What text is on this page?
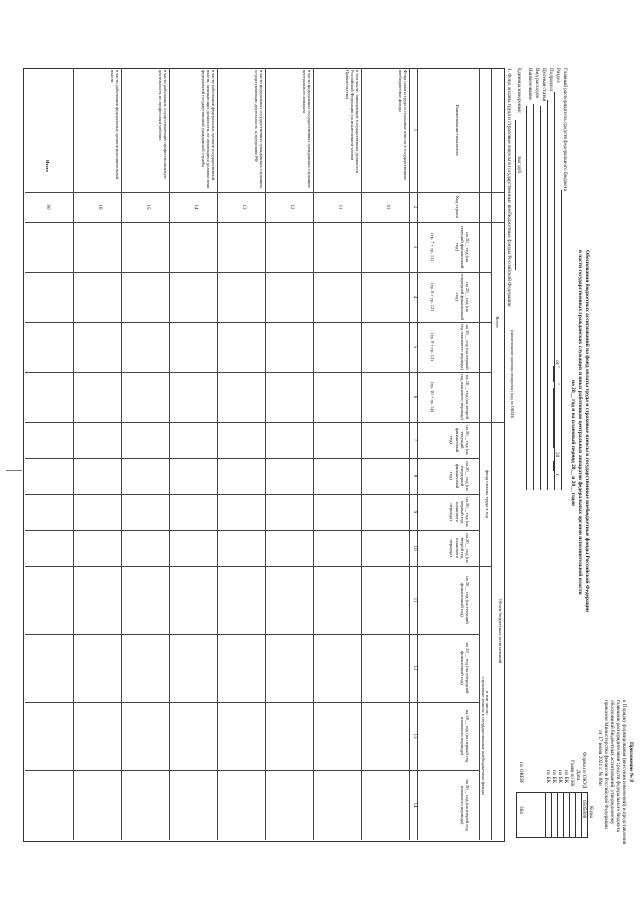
Приложение № 8
к Порядку формирования (внесения изменений) и представления
главными распорядителями средств федерального бюджета
обоснований бюджетных ассигнований, утвержденному
приказом Министерства финансов Российской Федерации
от 17 июня 2021 г. № 86н
Обоснования бюджетных ассигнований на фонд оплаты труда и страховые взносы в государственные внебюджетные фонды Российской Федерации
в части государственных гражданских служащих и иных работников центральных аппаратов федеральных органов исполнительной власти
на 20__ год и на плановый период 20__ и 20__ годов
от "
"
20
г.
Коды
Форма по ОКУД
0505808
Дата
Глава по БК
по БК
по БК
по БК
по БК
по ОКЕИ
384
Главный распорядитель средств федерального бюджета
Раздел
Подраздел
Целевая статья
Вид расходов
Наименование
Единица измерения:
тыс руб
(наименование единицы измерения) (код по ОКЕИ)
1. Фонд оплаты труда и страховые взносы в государственные внебюджетные фонды Российской Федерации
Наименование показателя
Код строки
Всего
Объем бюджетных ассигнований
в том числе:
фонд оплаты труда в год
страховые взносы в государственные внебюджетные фонды
на 20__ год (на текущий финансовый год)
на 20__ год (на очередной финансовый год)
на 20__ год (на первый год планового периода)
на 20__ год (на второй год планового периода)
(гр. 7 + гр. 11)
(гр. 8 + гр. 12)
(гр. 9 + гр. 13)
(гр. 10 + гр. 14)
на 20__ год (на текущий финансовый год)
на 20__ год (на очередной финансовый год)
на 20__ год (на первый год планового периода)
на 20__ год (на второй год планового периода)
на 20__ год (на текущий финансовый год)
на 20__ год (на очередной финансовый год)
на 20__ год (на первый год планового периода)
на 20__ год (на второй год планового периода)
1
2
3
4
5
6
7
8
9
10
11
12
13
14
Фонд оплаты труда и страховые взносы в государственные внебюджетные фонды
01
в том числе: замещающие государственные должности Российской Федерации (за исключением членов Правительства)
11
в части федеральных государственных гражданских служащих центрального аппарата
12
в части федеральных государственных гражданских служащих, осуществляющих деятельность за пределами РФ
13
в части работников федеральных органов государственной власти, замещающих должности, не являющиеся должностями федеральной государственной гражданской службы
14
в части работников, осуществляющих профессиональную деятельность по профессиям рабочих
15
в части работников федеральных органов исполнительной власти
16
Итого
90
